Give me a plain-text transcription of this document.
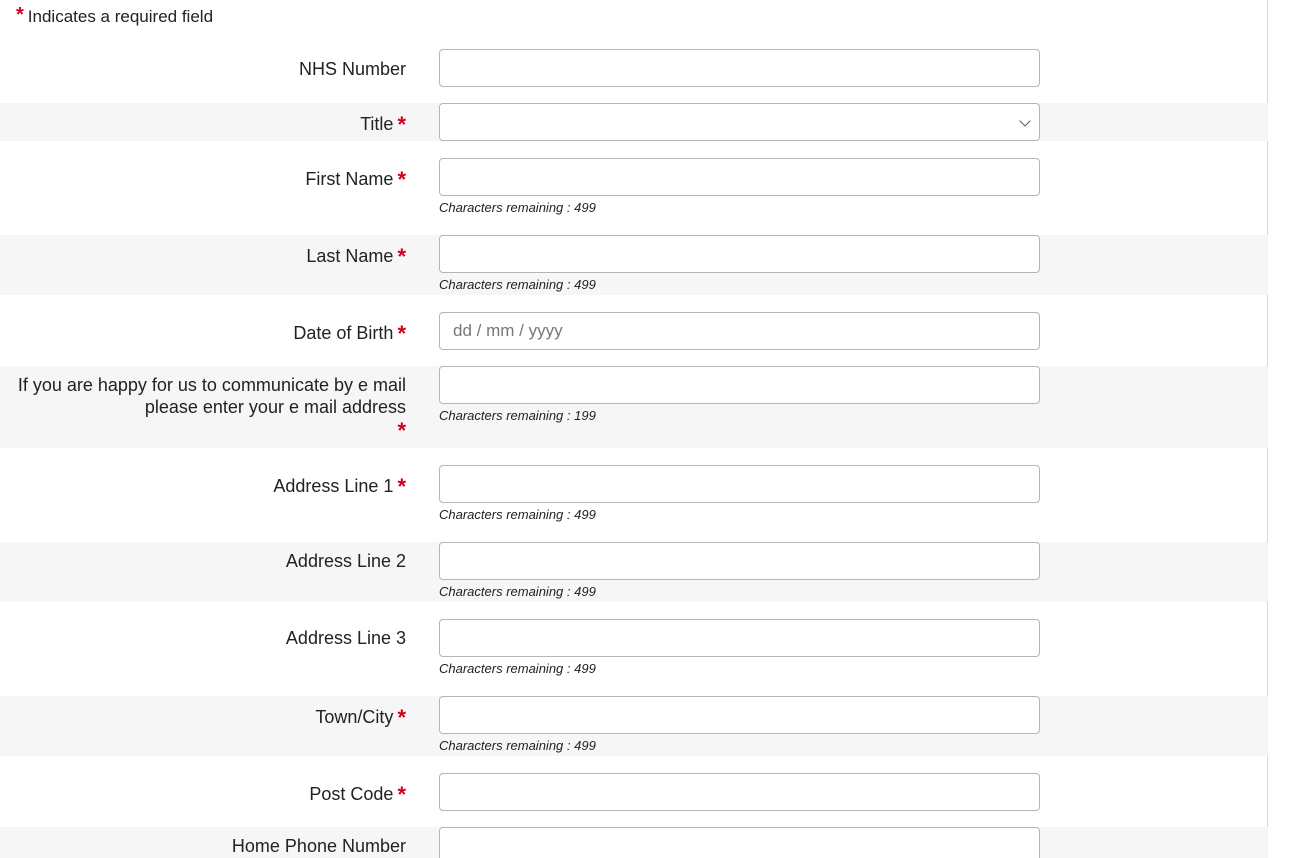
* Indicates a required field
NHS Number
Title *
First Name *
Characters remaining : 499
Last Name *
Characters remaining : 499
Date of Birth *
dd / mm / yyyy
If you are happy for us to communicate by e mail
please enter your e mail address
*
Characters remaining : 199
Address Line 1 *
Characters remaining : 499
Address Line 2
Characters remaining : 499
Address Line 3
Characters remaining : 499
Town/City *
Characters remaining : 499
Post Code *
Home Phone Number
